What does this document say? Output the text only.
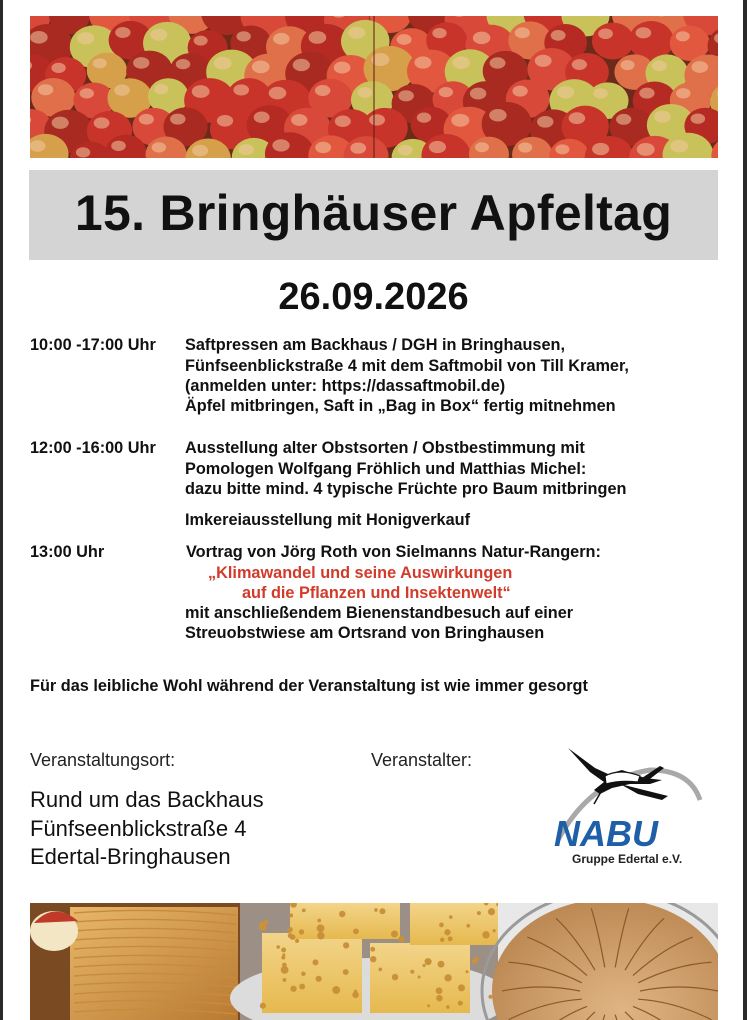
15. Bringhäuser Apfeltag
26.09.2026
10:00 -17:00 Uhr Saftpressen am Backhaus / DGH in Bringhausen,
Fünfseenblickstraße 4 mit dem Saftmobil von Till Kramer,
(anmelden unter: https://dassaftmobil.de)
Äpfel mitbringen, Saft in „Bag in Box“ fertig mitnehmen
12:00 -16:00 Uhr Ausstellung alter Obstsorten / Obstbestimmung mit
Pomologen Wolfgang Fröhlich und Matthias Michel:
dazu bitte mind. 4 typische Früchte pro Baum mitbringen
Imkereiausstellung mit Honigverkauf
13:00 Uhr	Vortrag von Jörg Roth von Sielmanns Natur-Rangern:
„Klimawandel und seine Auswirkungen
auf die Pflanzen und Insektenwelt“
mit anschließendem Bienenstandbesuch auf einer
Streuobstwiese am Ortsrand von Bringhausen
Für das leibliche Wohl während der Veranstaltung ist wie immer gesorgt
Veranstaltungsort:	Veranstalter:
Rund um das Backhaus
Fünfseenblickstraße 4
Edertal-Bringhausen
NABU
Gruppe Edertal e.V.
